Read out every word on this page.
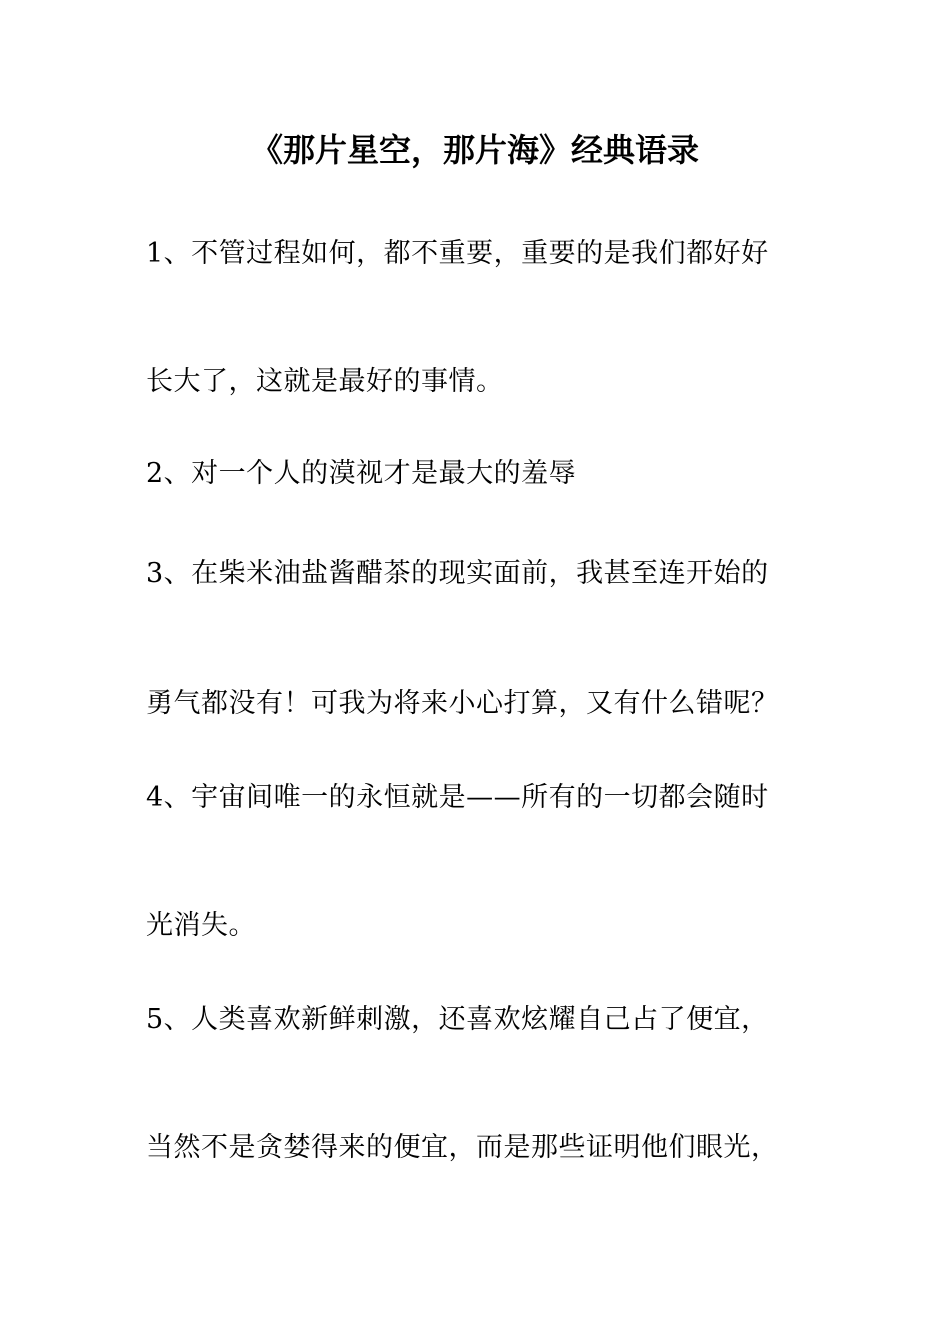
《那片星空，那片海》经典语录
1、不管过程如何，都不重要，重要的是我们都好好
长大了，这就是最好的事情。
2、对一个人的漠视才是最大的羞辱
3、在柴米油盐酱醋茶的现实面前，我甚至连开始的
勇气都没有！可我为将来小心打算，又有什么错呢？
4、宇宙间唯一的永恒就是——所有的一切都会随时
光消失。
5、人类喜欢新鲜刺激，还喜欢炫耀自己占了便宜，
当然不是贪婪得来的便宜，而是那些证明他们眼光，
